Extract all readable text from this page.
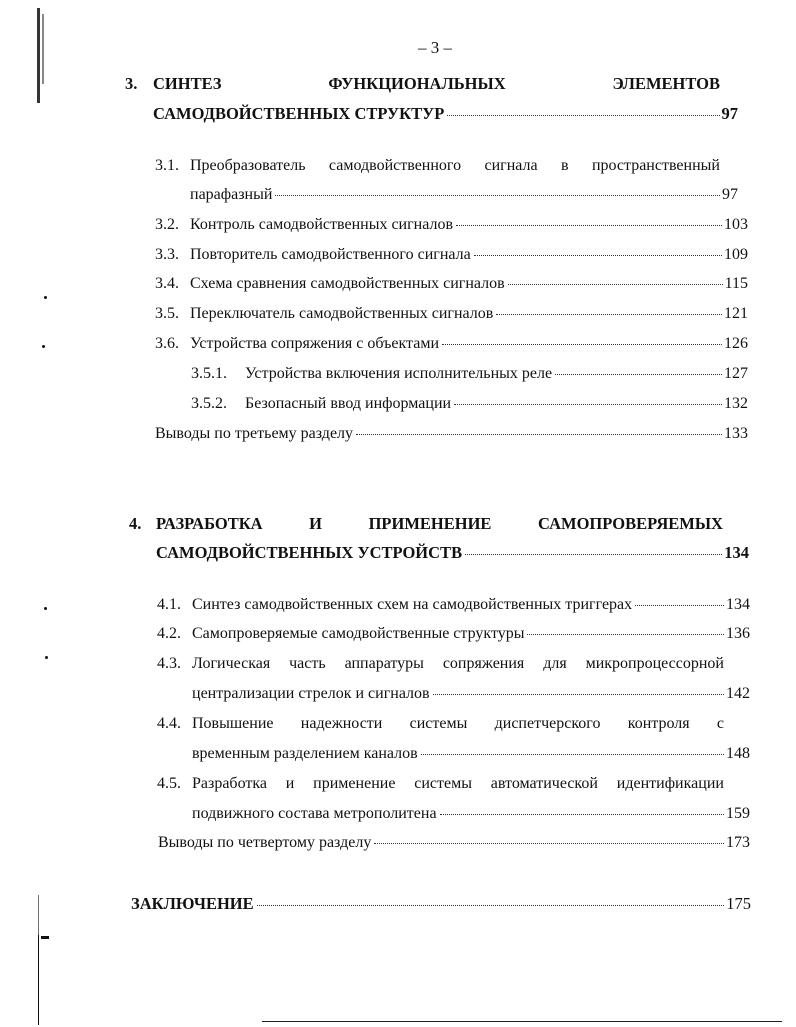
– 3 –
3. СИНТЕЗ	ФУНКЦИОНАЛЬНЫХ	ЭЛЕМЕНТОВ
САМОДВОЙСТВЕННЫХ СТРУКТУР	97
3.1. Преобразователь самодвойственного сигнала в пространственный
парафазный	97
3.2. Контроль самодвойственных сигналов	103
3.3. Повторитель самодвойственного сигнала	109
3.4. Схема сравнения самодвойственных сигналов	115
3.5. Переключатель самодвойственных сигналов	121
3.6. Устройства сопряжения с объектами	126
3.5.1.	Устройства включения исполнительных реле	127
3.5.2.	Безопасный ввод информации	132
Выводы по третьему разделу	133
4. РАЗРАБОТКА	И	ПРИМЕНЕНИЕ	САМОПРОВЕРЯЕМЫХ
САМОДВОЙСТВЕННЫХ УСТРОЙСТВ	134
4.1. Синтез самодвойственных схем на самодвойственных триггерах	134
4.2. Самопроверяемые самодвойственные структуры	136
4.3. Логическая часть аппаратуры сопряжения для микропроцессорной
централизации стрелок и сигналов	142
4.4. Повышение надежности системы диспетчерского контроля с
временным разделением каналов	148
4.5. Разработка и применение системы автоматической идентификации
подвижного состава метрополитена	159
Выводы по четвертому разделу	173
ЗАКЛЮЧЕНИЕ	175
